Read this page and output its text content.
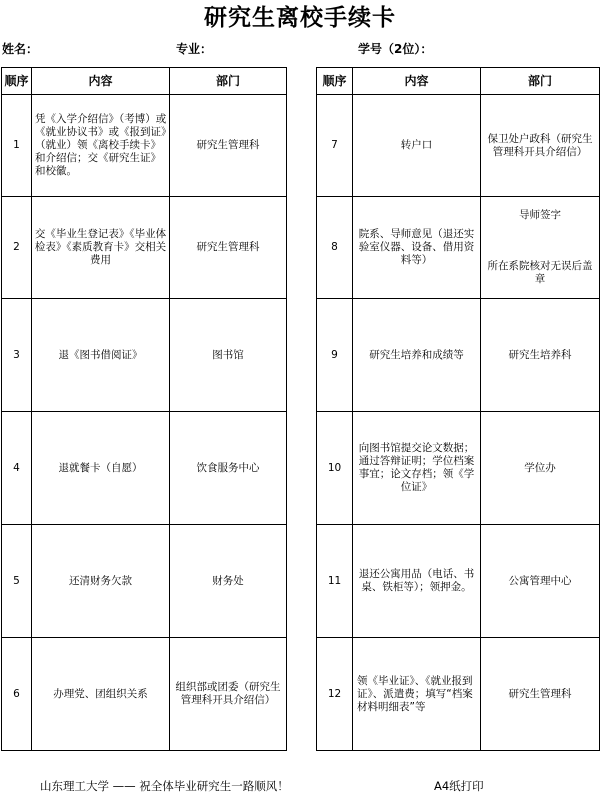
研究生离校手续卡
姓名：	专业：	学号（2位）：
顺序	内容	部门
1	凭《入学介绍信》（考博）或《就业协议书》或《报到证》（就业）领《离校手续卡》和介绍信；交《研究生证》和校徽。	研究生管理科
2	交《毕业生登记表》《毕业体检表》《素质教育卡》交相关费用	研究生管理科
3	退《图书借阅证》	图书馆
4	退就餐卡（自愿）	饮食服务中心
5	还清财务欠款	财务处
6	办理党、团组织关系	组织部或团委（研究生管理科开具介绍信）
顺序	内容	部门
7	转户口	保卫处户政科（研究生管理科开具介绍信）
8	院系、导师意见（退还实验室仪器、设备、借用资料等）	导师签字
所在系院核对无误后盖章

9	研究生培养和成绩等	研究生培养科
10	向图书馆提交论文数据；通过答辩证明；学位档案事宜；论文存档；领《学位证》	学位办
11	退还公寓用品（电话、书桌、铁柜等）；领押金。	公寓管理中心
12	领《毕业证》、《就业报到证》、派遣费；填写“档案材料明细表”等	研究生管理科
山东理工大学 —— 祝全体毕业研究生一路顺风！	A4纸打印
